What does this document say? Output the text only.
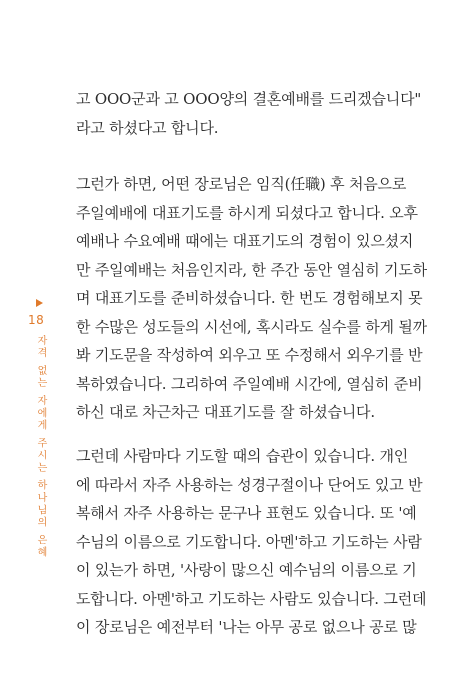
18
자격 없는 자에게 주시는 하나님의 은혜
고 OOO군과 고 OOO양의 결혼예배를 드리겠습니다"
라고 하셨다고 합니다.
그런가 하면, 어떤 장로님은 임직(任職) 후 처음으로
주일예배에 대표기도를 하시게 되셨다고 합니다. 오후
예배나 수요예배 때에는 대표기도의 경험이 있으셨지
만 주일예배는 처음인지라, 한 주간 동안 열심히 기도하
며 대표기도를 준비하셨습니다. 한 번도 경험해보지 못
한 수많은 성도들의 시선에, 혹시라도 실수를 하게 될까
봐 기도문을 작성하여 외우고 또 수정해서 외우기를 반
복하였습니다. 그리하여 주일예배 시간에, 열심히 준비
하신 대로 차근차근 대표기도를 잘 하셨습니다.
그런데 사람마다 기도할 때의 습관이 있습니다. 개인
에 따라서 자주 사용하는 성경구절이나 단어도 있고 반
복해서 자주 사용하는 문구나 표현도 있습니다. 또 '예
수님의 이름으로 기도합니다. 아멘'하고 기도하는 사람
이 있는가 하면, '사랑이 많으신 예수님의 이름으로 기
도합니다. 아멘'하고 기도하는 사람도 있습니다. 그런데
이 장로님은 예전부터 '나는 아무 공로 없으나 공로 많
